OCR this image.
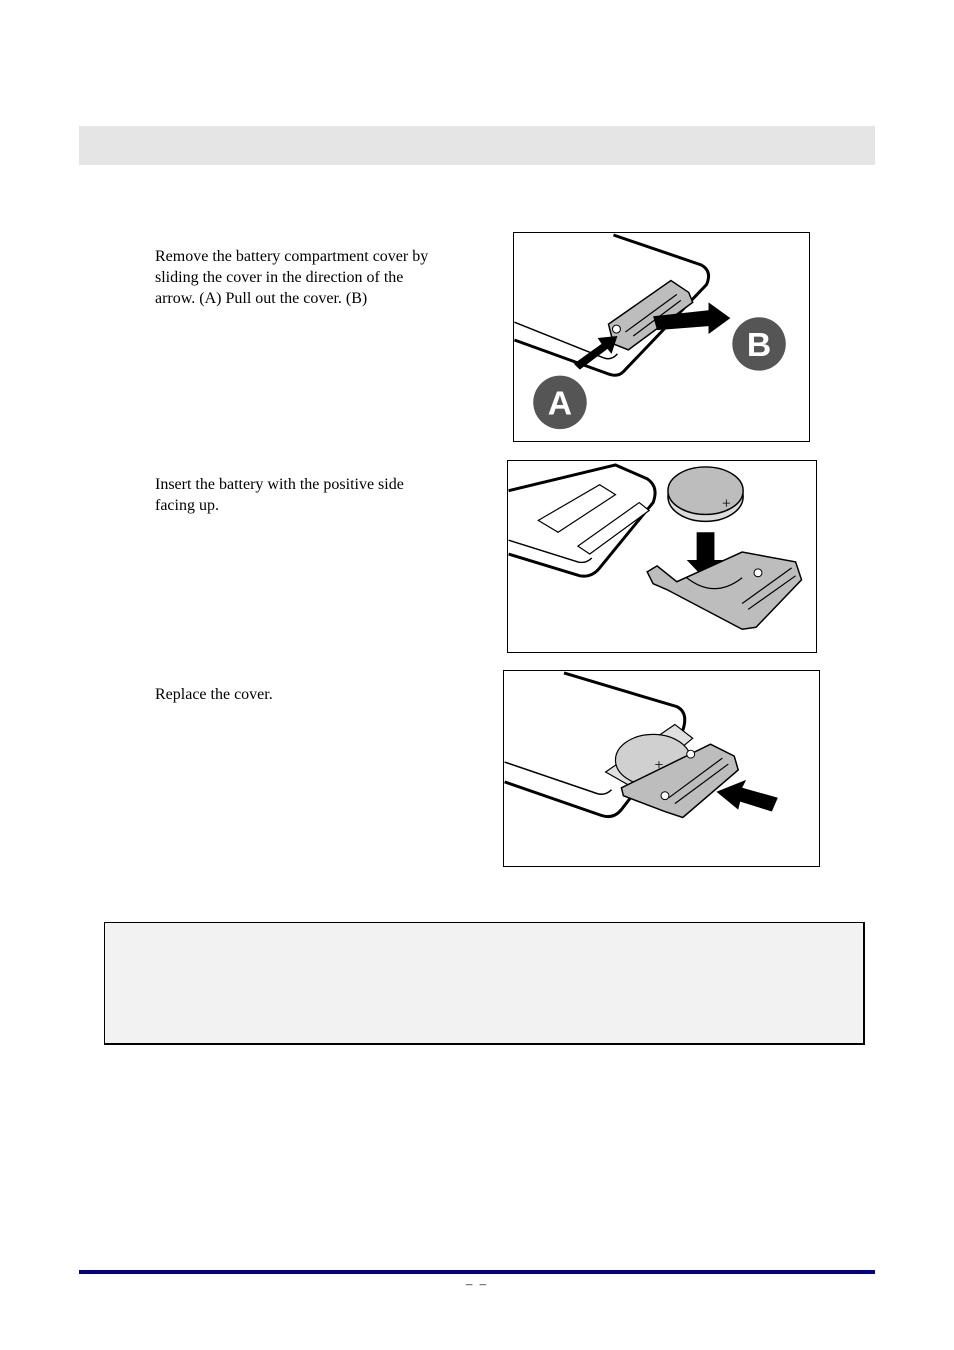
Remove the battery compartment cover by sliding the cover in the direction of the arrow. (A) Pull out the cover. (B)
A
B
Insert the battery with the positive side facing up.	+
Replace the cover.
+
– –
